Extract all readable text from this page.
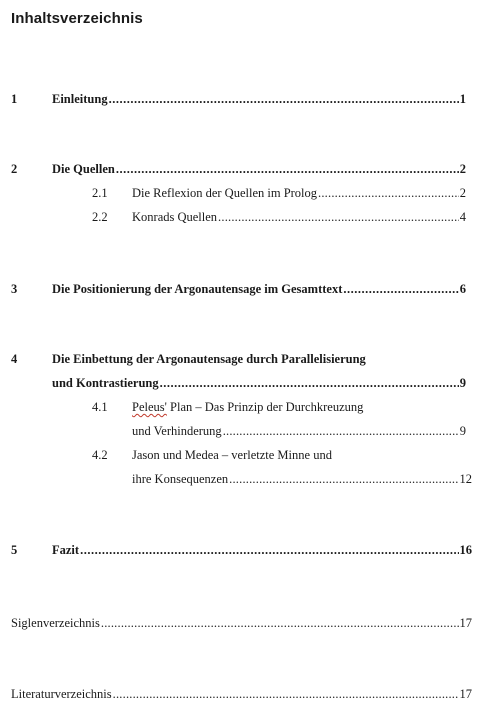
Inhaltsverzeichnis
1	Einleitung .....	1
2	Die Quellen .....	2
2.1	Die Reflexion der Quellen im Prolog .....	2
2.2	Konrads Quellen .....	4
3	Die Positionierung der Argonautensage im Gesamttext .....	6
4	Die Einbettung der Argonautensage durch Parallelisierung
und Kontrastierung .....	9
4.1 Peleus' Plan – Das Prinzip der Durchkreuzung
und Verhinderung .....	9
4.2 Jason und Medea – verletzte Minne und
ihre Konsequenzen .....	12
5	Fazit .....	16
Siglenverzeichnis .....	17
Literaturverzeichnis .....	17
